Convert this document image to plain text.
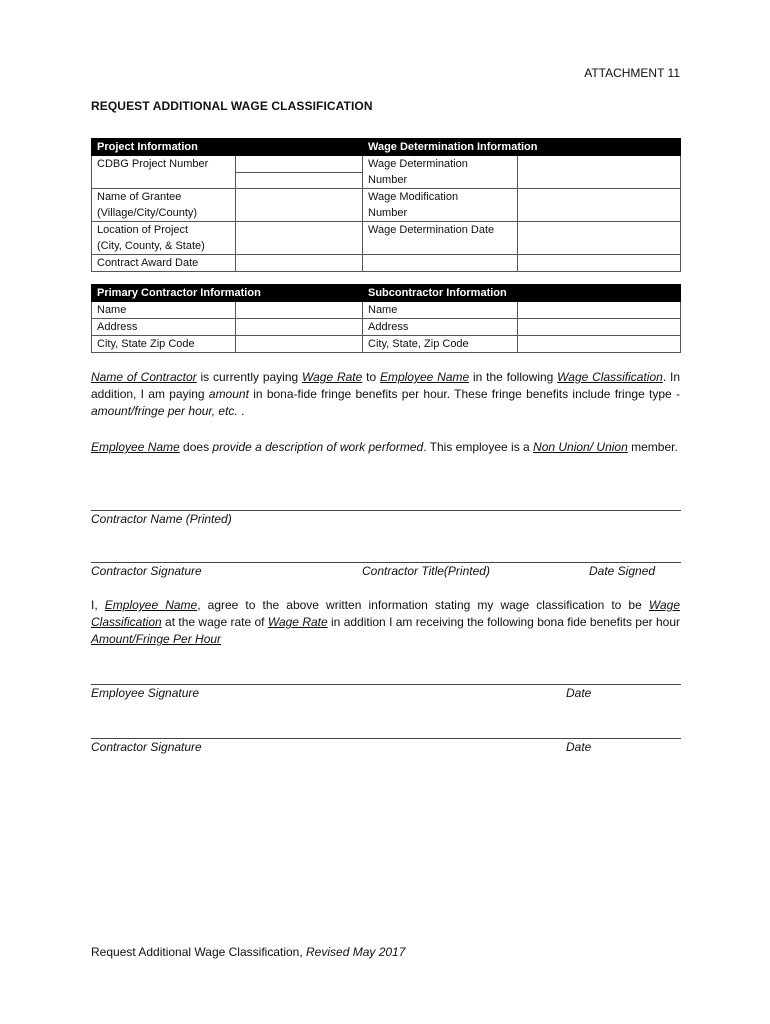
ATTACHMENT 11
REQUEST ADDITIONAL WAGE CLASSIFICATION
Project Information		Wage Determination Information	
CDBG Project Number		Wage Determination	
		Number	
Name of Grantee		Wage Modification	
(Village/City/County)		Number	
Location of Project		Wage Determination Date	
(City, County, & State)			
Contract Award Date			
Primary Contractor Information		Subcontractor Information	
Name		Name	
Address		Address	
City, State Zip Code		City, State, Zip Code	
Name of Contractor is currently paying Wage Rate to Employee Name in the following Wage Classification. In addition, I am paying amount in bona-fide fringe benefits per hour. These fringe benefits include fringe type - amount/fringe per hour, etc. .
Employee Name does provide a description of work performed. This employee is a Non Union/ Union member.
Contractor Name (Printed)
Contractor Signature	Contractor Title(Printed)	Date Signed
I, Employee Name, agree to the above written information stating my wage classification to be Wage Classification at the wage rate of Wage Rate in addition I am receiving the following bona fide benefits per hour Amount/Fringe Per Hour
Employee Signature	Date
Contractor Signature	Date
Request Additional Wage Classification, Revised May 2017
